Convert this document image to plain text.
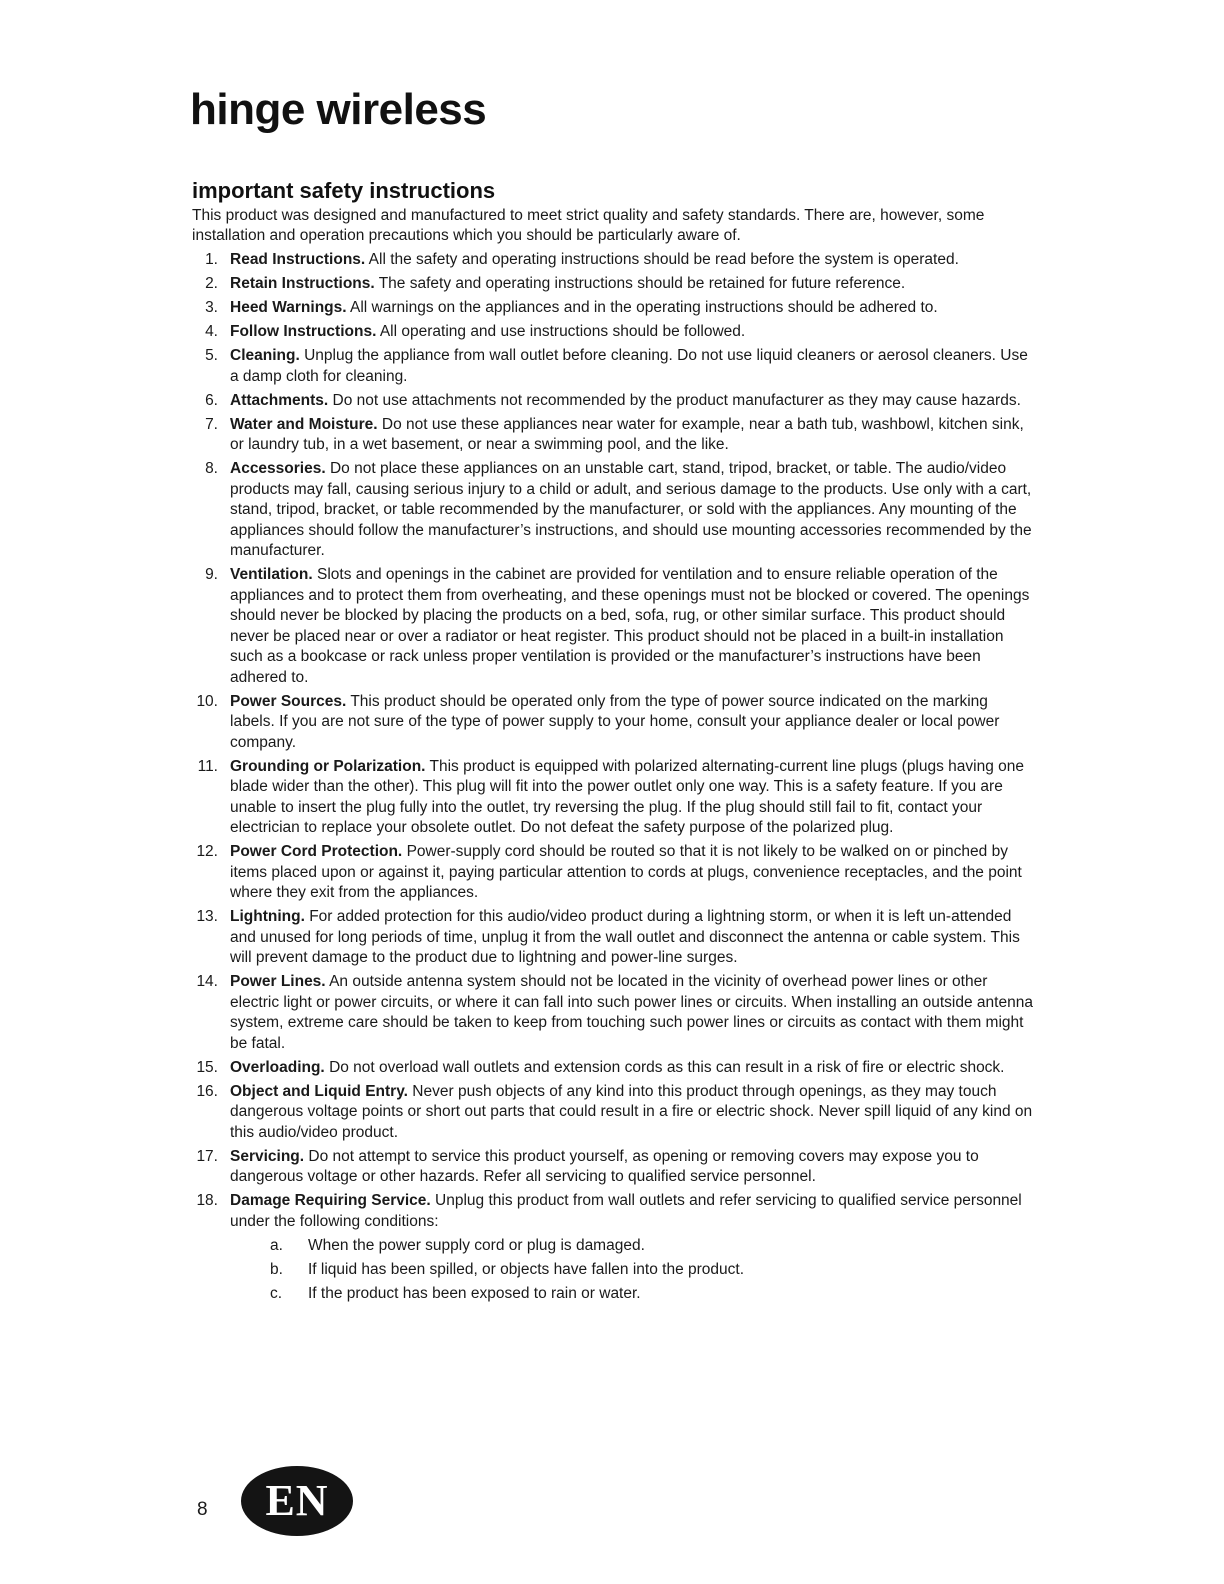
hinge wireless
important safety instructions

This product was designed and manufactured to meet strict quality and safety standards. There are, however, some installation and operation precautions which you should be particularly aware of.

1. Read Instructions. All the safety and operating instructions should be read before the system is operated.
2. Retain Instructions. The safety and operating instructions should be retained for future reference.
3. Heed Warnings. All warnings on the appliances and in the operating instructions should be adhered to.
4. Follow Instructions. All operating and use instructions should be followed.
5. Cleaning. Unplug the appliance from wall outlet before cleaning. Do not use liquid cleaners or aerosol cleaners. Use a damp cloth for cleaning.
6. Attachments. Do not use attachments not recommended by the product manufacturer as they may cause hazards.
7. Water and Moisture. Do not use these appliances near water for example, near a bath tub, washbowl, kitchen sink, or laundry tub, in a wet basement, or near a swimming pool, and the like.
8. Accessories. Do not place these appliances on an unstable cart, stand, tripod, bracket, or table. The audio/video products may fall, causing serious injury to a child or adult, and serious damage to the products. Use only with a cart, stand, tripod, bracket, or table recommended by the manufacturer, or sold with the appliances. Any mounting of the appliances should follow the manufacturer’s instructions, and should use mounting accessories recommended by the manufacturer.
9. Ventilation. Slots and openings in the cabinet are provided for ventilation and to ensure reliable operation of the appliances and to protect them from overheating, and these openings must not be blocked or covered. The openings should never be blocked by placing the products on a bed, sofa, rug, or other similar surface. This product should never be placed near or over a radiator or heat register. This product should not be placed in a built-in installation such as a bookcase or rack unless proper ventilation is provided or the manufacturer’s instructions have been adhered to.
10. Power Sources. This product should be operated only from the type of power source indicated on the marking labels. If you are not sure of the type of power supply to your home, consult your appliance dealer or local power company.
11. Grounding or Polarization. This product is equipped with polarized alternating-current line plugs (plugs having one blade wider than the other). This plug will fit into the power outlet only one way. This is a safety feature. If you are unable to insert the plug fully into the outlet, try reversing the plug. If the plug should still fail to fit, contact your electrician to replace your obsolete outlet. Do not defeat the safety purpose of the polarized plug.
12. Power Cord Protection. Power-supply cord should be routed so that it is not likely to be walked on or pinched by items placed upon or against it, paying particular attention to cords at plugs, convenience receptacles, and the point where they exit from the appliances.
13. Lightning. For added protection for this audio/video product during a lightning storm, or when it is left un-attended and unused for long periods of time, unplug it from the wall outlet and disconnect the antenna or cable system. This will prevent damage to the product due to lightning and power-line surges.
14. Power Lines. An outside antenna system should not be located in the vicinity of overhead power lines or other electric light or power circuits, or where it can fall into such power lines or circuits. When installing an outside antenna system, extreme care should be taken to keep from touching such power lines or circuits as contact with them might be fatal.
15. Overloading. Do not overload wall outlets and extension cords as this can result in a risk of fire or electric shock.
16. Object and Liquid Entry. Never push objects of any kind into this product through openings, as they may touch dangerous voltage points or short out parts that could result in a fire or electric shock. Never spill liquid of any kind on this audio/video product.
17. Servicing. Do not attempt to service this product yourself, as opening or removing covers may expose you to dangerous voltage or other hazards. Refer all servicing to qualified service personnel.
18. Damage Requiring Service. Unplug this product from wall outlets and refer servicing to qualified service personnel under the following conditions:
a. When the power supply cord or plug is damaged.
b. If liquid has been spilled, or objects have fallen into the product.
c. If the product has been exposed to rain or water.
8 EN
